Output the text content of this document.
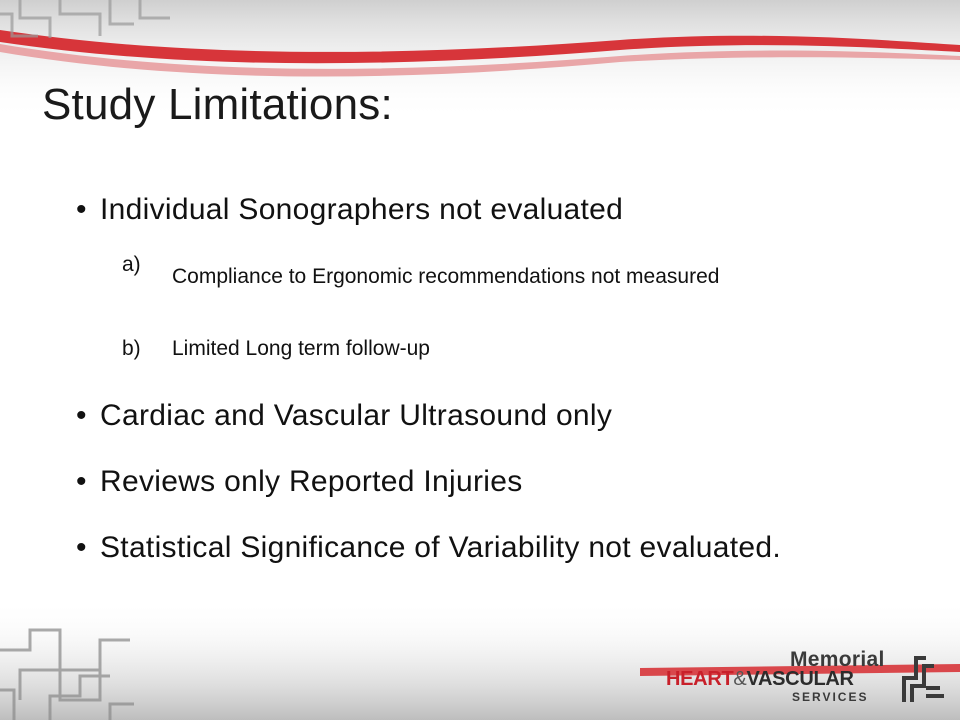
Study Limitations:
• Individual Sonographers not evaluated
a)
Compliance to Ergonomic recommendations not measured
b)	Limited Long term follow-up
• Cardiac and Vascular Ultrasound only
• Reviews only Reported Injuries
• Statistical Significance of Variability not evaluated.
Memorial
HEART&VASCULAR
SERVICES
